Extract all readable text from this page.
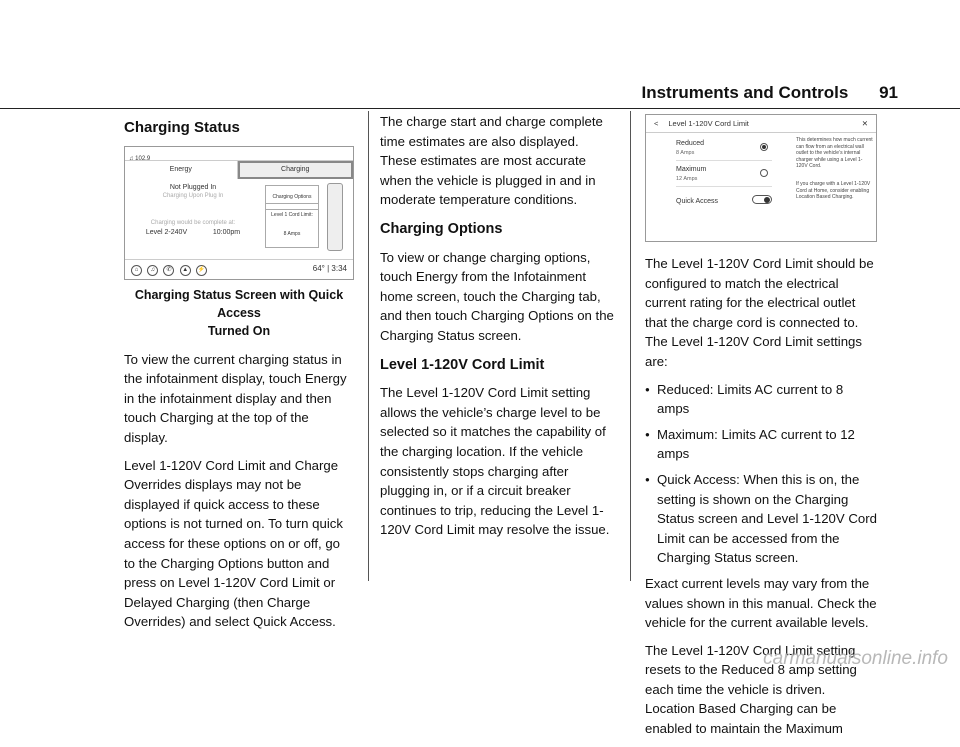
Instruments and Controls 91
Charging Status
♫ 102.9
Energy	Charging
Not Plugged In
Charging Upon Plug In
Charging would be complete at:
Level 2-240V	10:00pm
Charging Options
Level 1 Cord Limit:
8 Amps
⌂ ♫ ✆ ▲ ⚡	64° | 3:34
Charging Status Screen with Quick Access
Turned On

To view the current charging status in the infotainment display, touch Energy in the infotainment display and then touch Charging at the top of the display.

Level 1-120V Cord Limit and Charge Overrides displays may not be displayed if quick access to these options is not turned on. To turn quick access for these options on or off, go to the Charging Options button and press on Level 1-120V Cord Limit or Delayed Charging (then Charge Overrides) and select Quick Access.

The charge start and charge complete time estimates are also displayed. These estimates are most accurate when the vehicle is plugged in and in moderate temperature conditions.

Charging Options

To view or change charging options, touch Energy from the Infotainment home screen, touch the Charging tab, and then touch Charging Options on the Charging Status screen.

Level 1-120V Cord Limit

The Level 1-120V Cord Limit setting allows the vehicle’s charge level to be selected so it matches the capability of the charging location. If the vehicle consistently stops charging after plugging in, or if a circuit breaker continues to trip, reducing the Level 1-120V Cord Limit may resolve the issue.

< Level 1-120V Cord Limit	✕
Reduced
8 Amps
Maximum
12 Amps
Quick Access
This determines how much current can flow from an electrical wall outlet to the vehicle’s internal charger while using a Level 1-120V Cord.
If you charge with a Level 1-120V Cord at Home, consider enabling Location Based Charging.

The Level 1-120V Cord Limit should be configured to match the electrical current rating for the electrical outlet that the charge cord is connected to. The Level 1-120V Cord Limit settings are:

● Reduced: Limits AC current to 8 amps
● Maximum: Limits AC current to 12 amps
● Quick Access: When this is on, the setting is shown on the Charging Status screen and Level 1-120V Cord Limit can be accessed from the Charging Status screen.

Exact current levels may vary from the values shown in this manual. Check the vehicle for the current available levels.

The Level 1-120V Cord Limit setting resets to the Reduced 8 amp setting each time the vehicle is driven. Location Based Charging can be enabled to maintain the Maximum

carmanualsonline.info
